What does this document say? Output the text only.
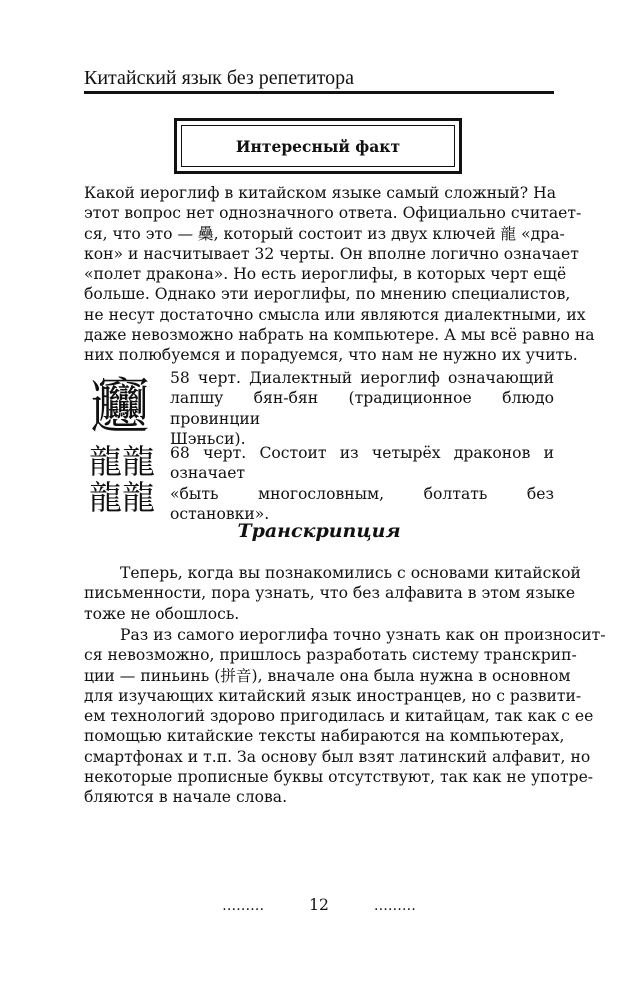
Китайский язык без репетитора
Интересный факт

Какой иероглиф в китайском языке самый сложный? На
этот вопрос нет однозначного ответа. Официально считает-
ся, что это — 䯂, который состоит из двух ключей 龍 «дра-
кон» и насчитывает 32 черты. Он вполне логично означает
«полет дракона». Но есть иероглифы, в которых черт ещё
больше. Однако эти иероглифы, по мнению специалистов,
не несут достаточно смысла или являются диалектными, их
даже невозможно набрать на компьютере. А мы всё равно на
них полюбуемся и порадуемся, что нам не нужно их учить.

𰻞 58 черт. Диалектный иероглиф означающий
лапшу бян-бян (традиционное блюдо провинции
Шэньси).
龍 龍
龍 龍
68 черт. Состоит из четырёх драконов и означает
«быть многословным, болтать без остановки».
Транскрипция

Теперь, когда вы познакомились с основами китайской
письменности, пора узнать, что без алфавита в этом языке
тоже не обошлось.

Раз из самого иероглифа точно узнать как он произносит-
ся невозможно, пришлось разработать систему транскрип-
ции — пиньинь (拼音), вначале она была нужна в основном
для изучающих китайский язык иностранцев, но с развити-
ем технологий здорово пригодилась и китайцам, так как с ее
помощью китайские тексты набираются на компьютерах,
смартфонах и т.п. За основу был взят латинский алфавит, но
некоторые прописные буквы отсутствуют, так как не употре-
бляются в начале слова.

………	12	………
